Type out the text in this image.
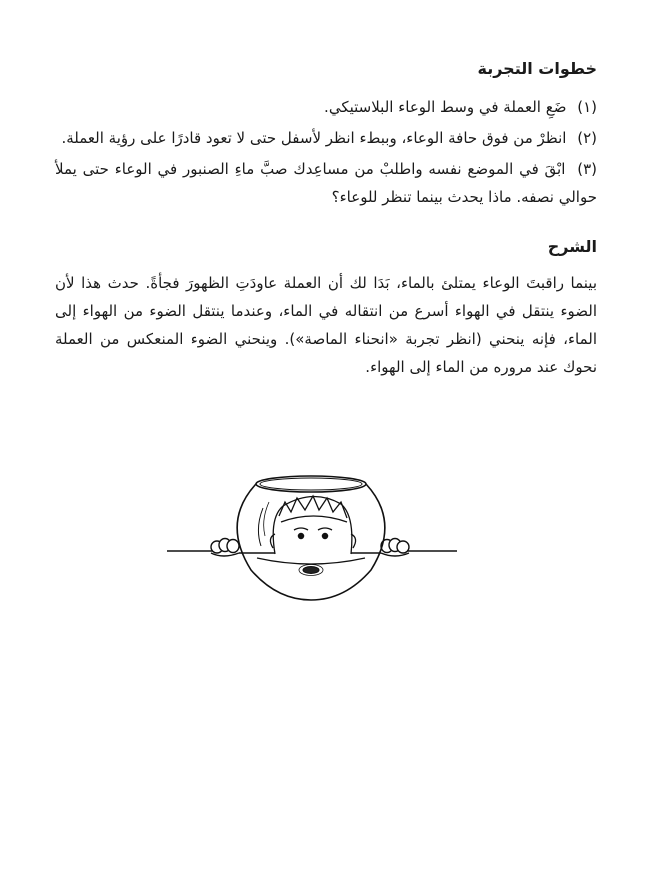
خطوات التجربة
(١) ضَعِ العملة في وسط الوعاء البلاستيكي.
(٢) انظرْ من فوق حافة الوعاء، وببطء انظر لأسفل حتى لا تعود قادرًا على رؤية العملة.
(٣) ابْقَ في الموضع نفسه واطلبْ من مساعِدك صبَّ ماءِ الصنبور في الوعاء حتى يملأ حوالي نصفه. ماذا يحدث بينما تنظر للوعاء؟
الشرح

بينما راقبتَ الوعاء يمتلئ بالماء، بَدَا لك أن العملة عاودَتِ الظهورَ فجأةً. حدث هذا لأن الضوء ينتقل في الهواء أسرع من انتقاله في الماء، وعندما ينتقل الضوء من الهواء إلى الماء، فإنه ينحني (انظر تجربة «انحناء الماصة»). وينحني الضوء المنعكس من العملة نحوك عند مروره من الماء إلى الهواء.
